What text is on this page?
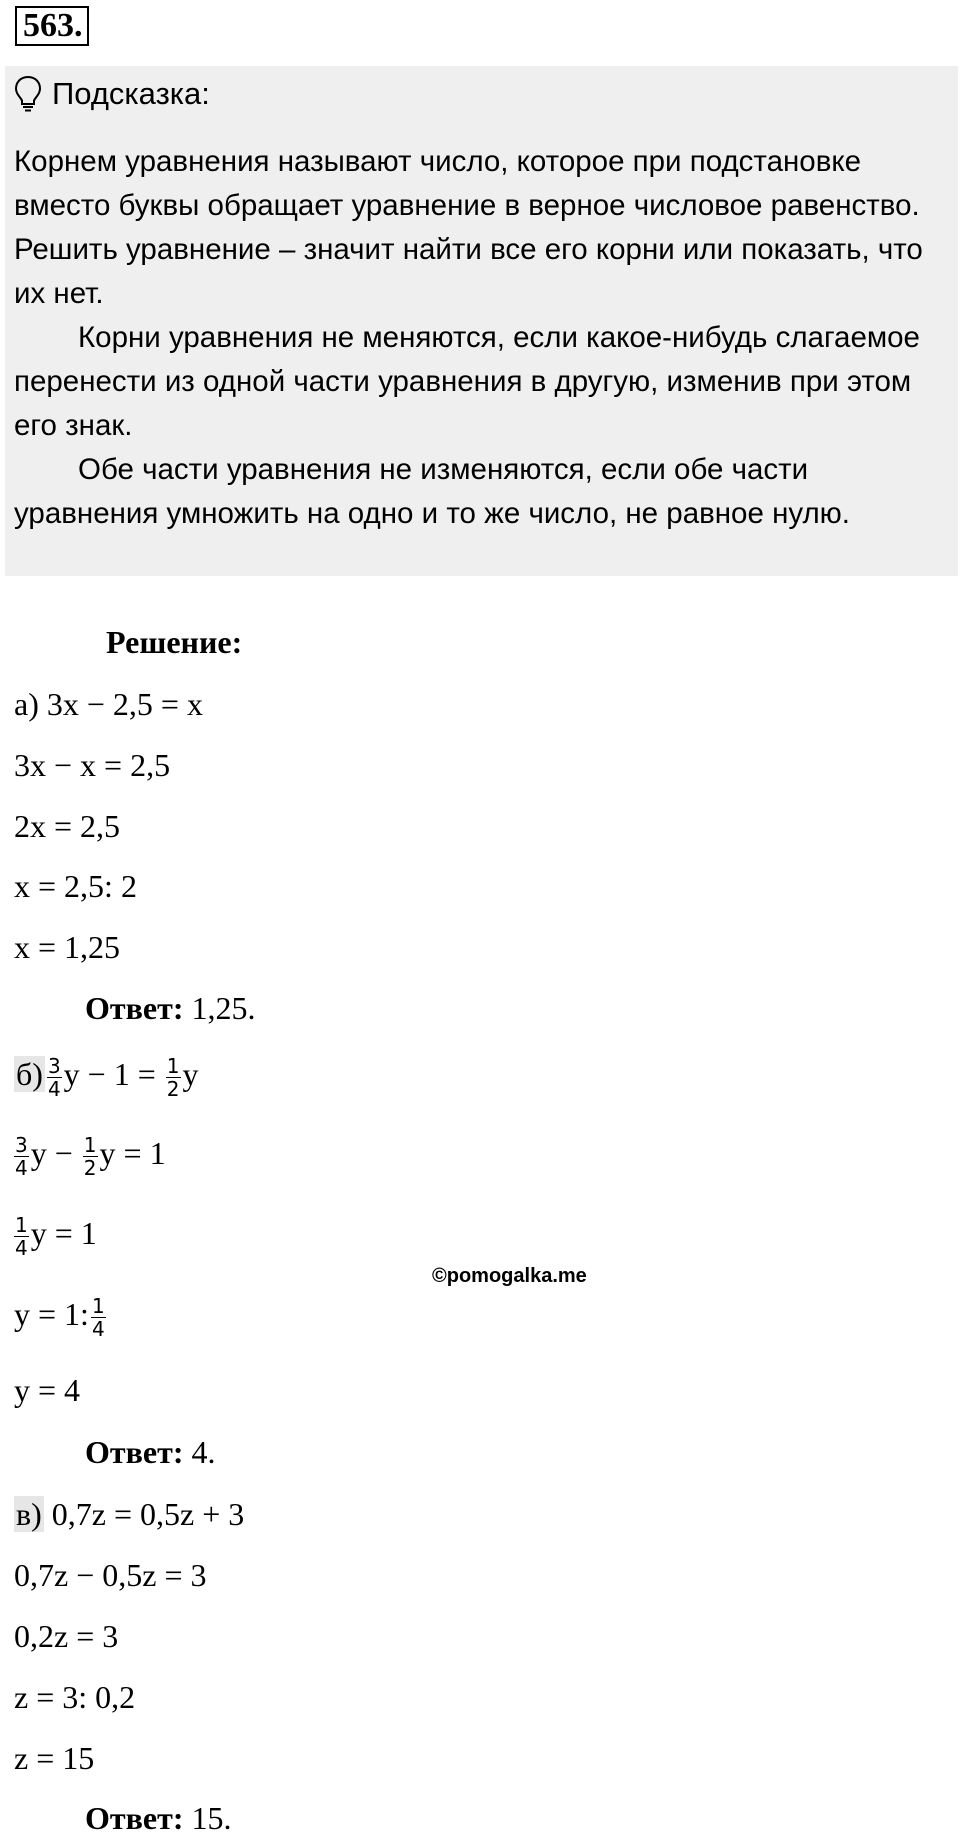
563.
Подсказка:

Корнем уравнения называют число, которое при подстановке вместо буквы обращает уравнение в верное числовое равенство.

Решить уравнение – значит найти все его корни или показать, что их нет.

Корни уравнения не меняются, если какое-нибудь слагаемое перенести из одной части уравнения в другую, изменив при этом его знак.

Обе части уравнения не изменяются, если обе части уравнения умножить на одно и то же число, не равное нулю.

Решение:
а) 3x − 2,5 = x
3x − x = 2,5
2x = 2,5
x = 2,5: 2
x = 1,25
Ответ: 1,25.
$б) \frac{3}{4}$ $y - 1 = \frac{1}{2}$ y
$\frac{3}{4}$ $y - \frac{1}{2}$ y = 1
$\frac{1}{4}$ y = 1
y = 1: $\frac{1}{4}$
y = 4
Ответ: 4.
в) 0,7z = 0,5z + 3
0,7z − 0,5z = 3
0,2z = 3
z = 3: 0,2
z = 15
Ответ: 15.
©pomogalka.me
